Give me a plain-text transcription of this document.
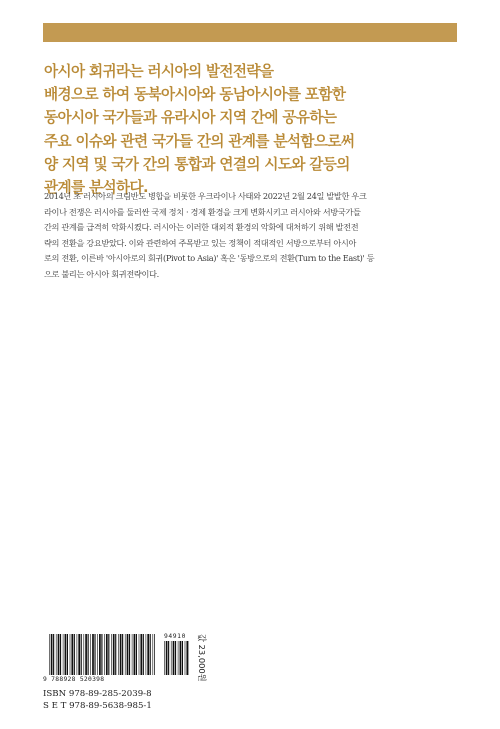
아시아 회귀라는 러시아의 발전전략을
배경으로 하여 동북아시아와 동남아시아를 포함한
동아시아 국가들과 유라시아 지역 간에 공유하는
주요 이슈와 관련 국가들 간의 관계를 분석함으로써
양 지역 및 국가 간의 통합과 연결의 시도와 갈등의
관계를 분석하다.
2014년 초 러시아의 크림반도 병합을 비롯한 우크라이나 사태와 2022년 2월 24일 발발한 우크
라이나 전쟁은 러시아를 둘러싼 국제 정치 · 경제 환경을 크게 변화시키고 러시아와 서방국가들
간의 관계를 급격히 악화시켰다. 러시아는 이러한 대외적 환경의 악화에 대처하기 위해 발전전
략의 전환을 강요받았다. 이와 관련하여 주목받고 있는 정책이 적대적인 서방으로부터 아시아
로의 전환, 이른바 '아시아로의 회귀(Pivot to Asia)' 혹은 '동방으로의 전환(Turn to the East)' 등
으로 불리는 아시아 회귀전략이다.
9 788928 520398
94910 값 23,000원
ISBN 978-89-285-2039-8
S E T 978-89-5638-985-1
